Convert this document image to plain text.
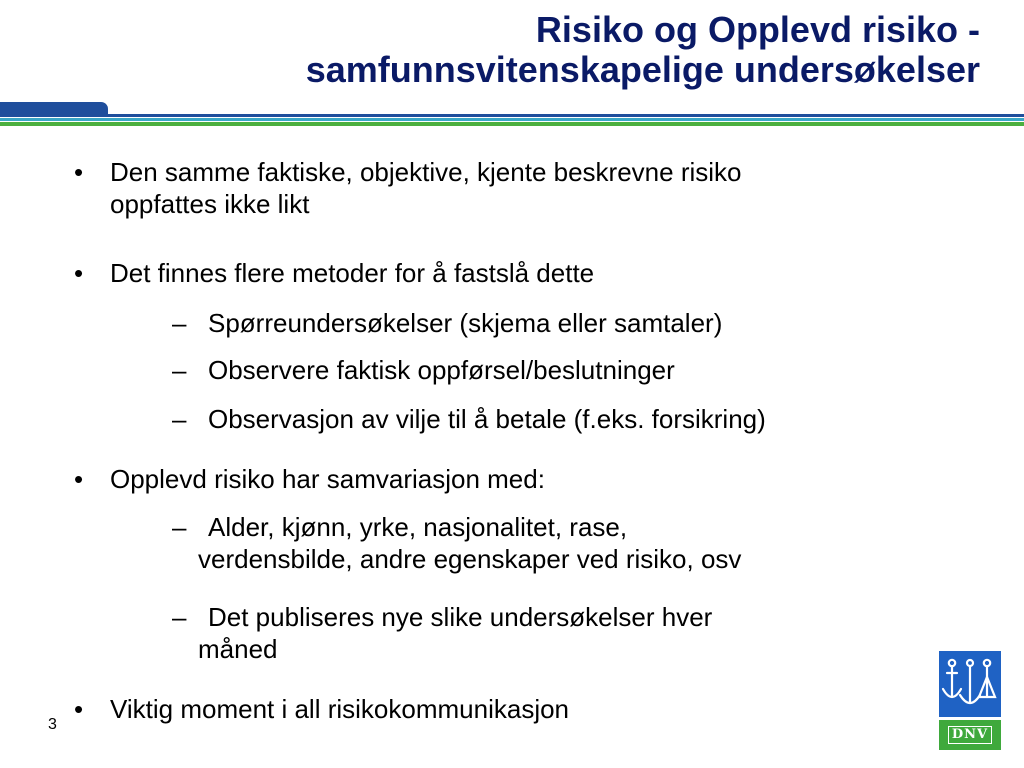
Risiko og Opplevd risiko -
samfunnsvitenskapelige undersøkelser
• Den samme faktiske, objektive, kjente beskrevne risiko
oppfattes ikke likt
• Det finnes flere metoder for å fastslå dette
– Spørreundersøkelser (skjema eller samtaler)
– Observere faktisk oppførsel/beslutninger
– Observasjon av vilje til å betale (f.eks. forsikring)
• Opplevd risiko har samvariasjon med:
– Alder, kjønn, yrke, nasjonalitet, rase,
verdensbilde, andre egenskaper ved risiko, osv
– Det publiseres nye slike undersøkelser hver
måned
• Viktig moment i all risikokommunikasjon
3
DNV
